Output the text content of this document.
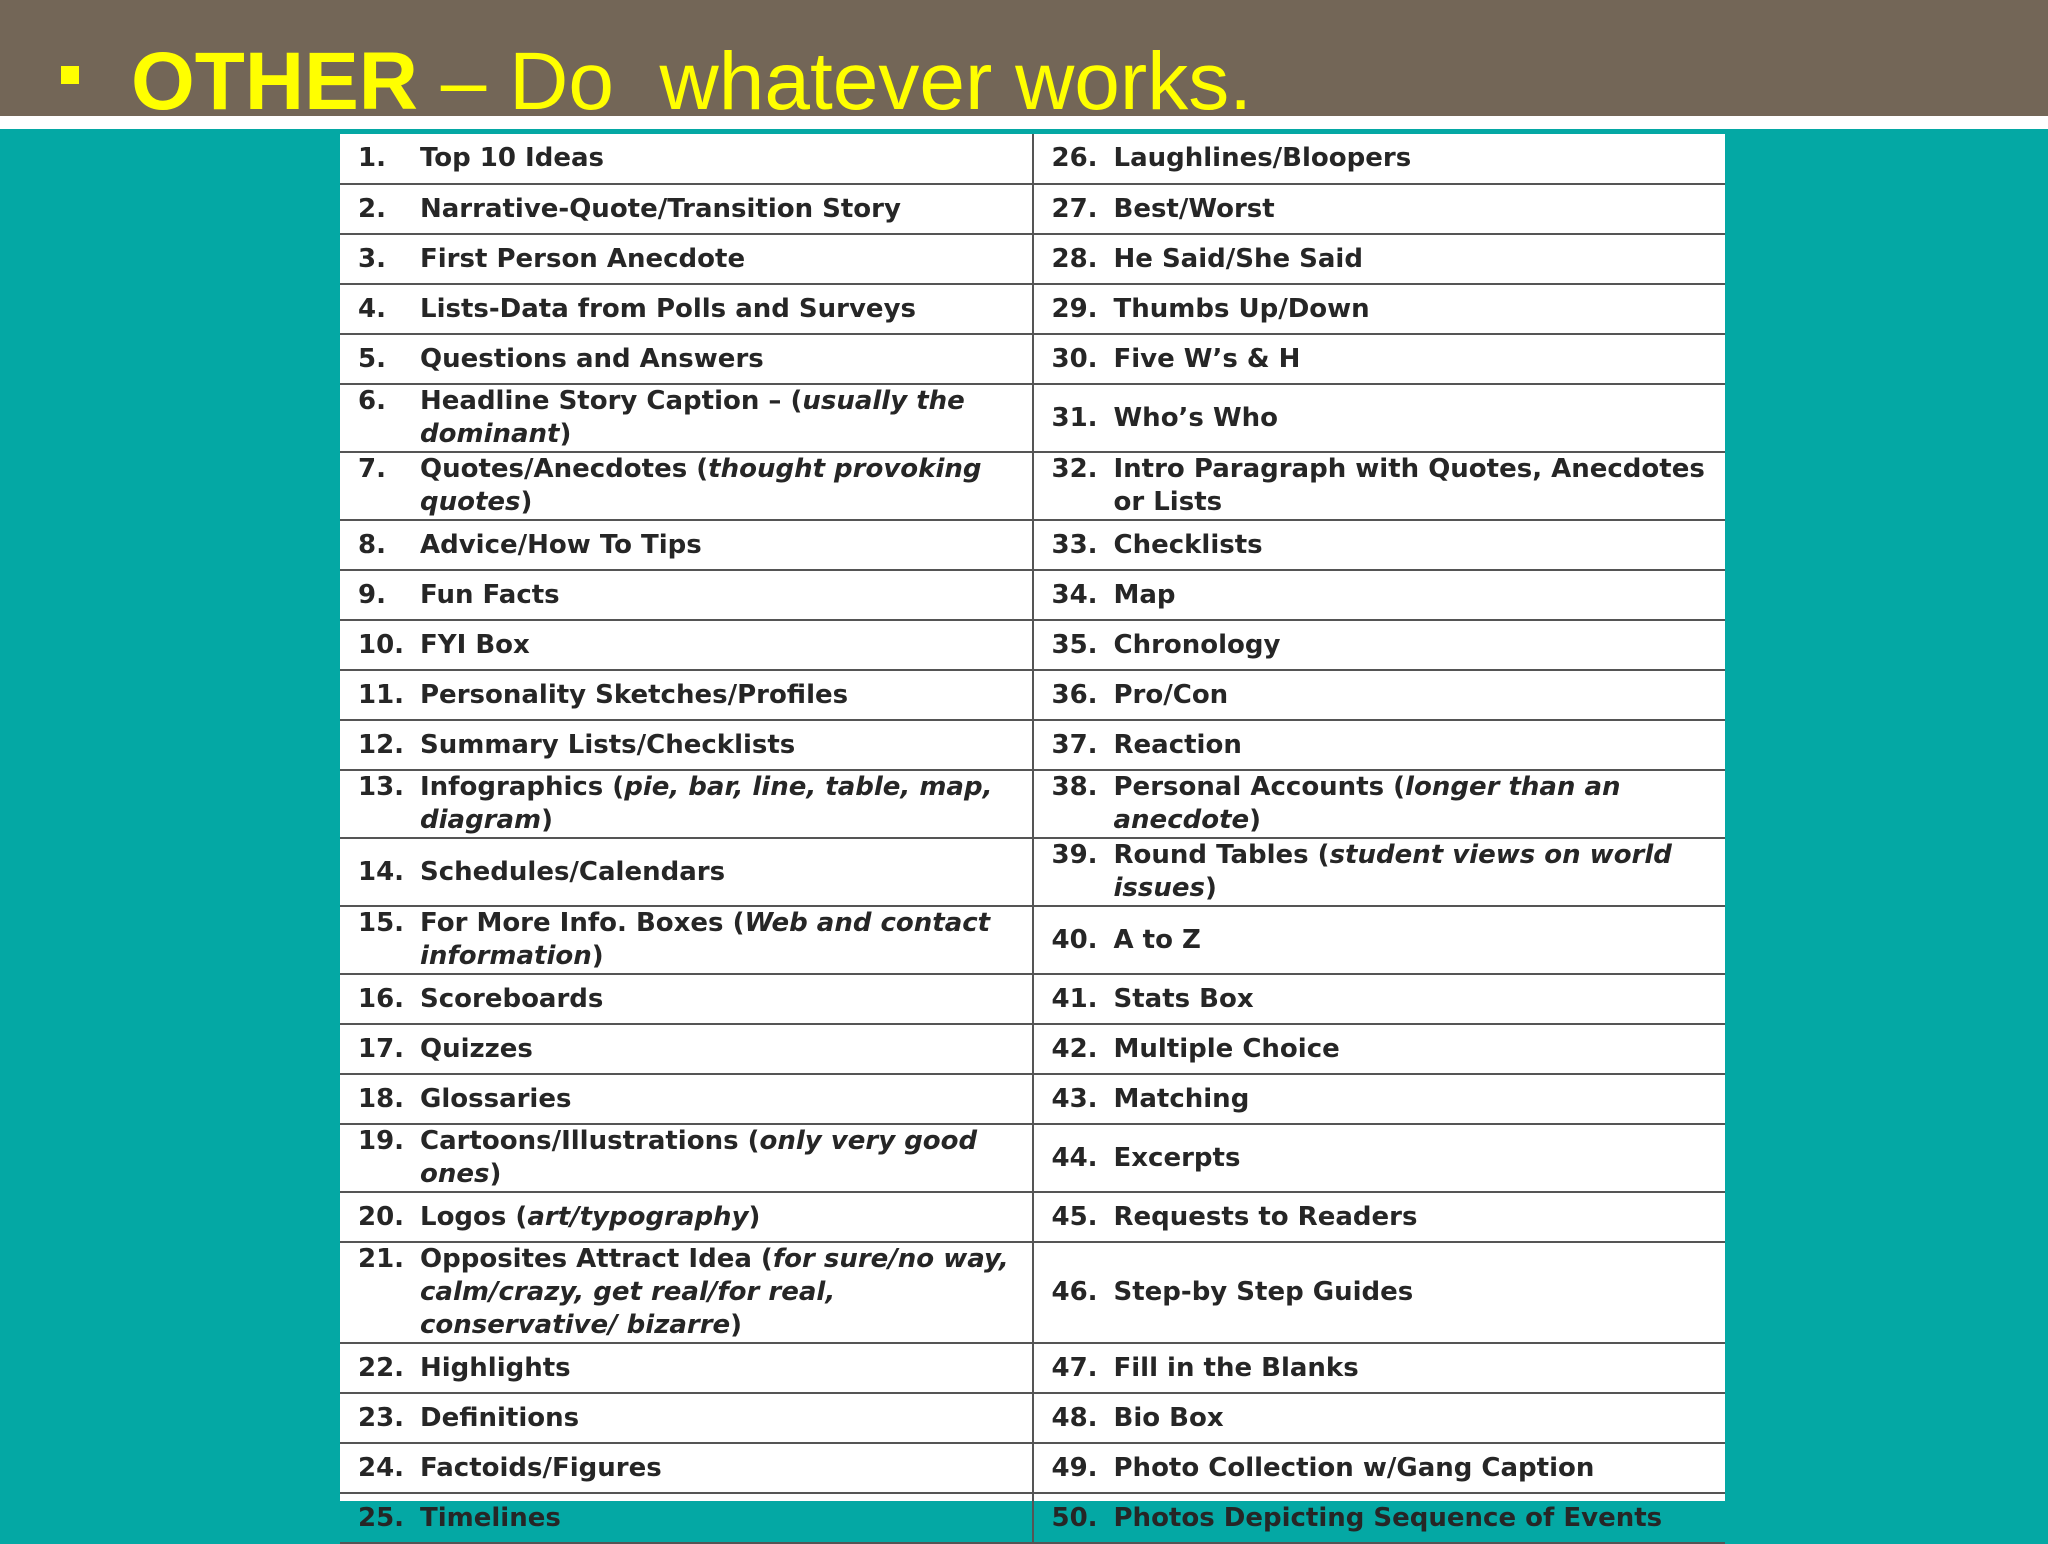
OTHER – Do  whatever works.
1. Top 10 Ideas	26. Laughlines/Bloopers

2. Narrative-Quote/Transition Story	27. Best/Worst

3. First Person Anecdote	28. He Said/She Said

4. Lists-Data from Polls and Surveys	29. Thumbs Up/Down

5. Questions and Answers	30. Five W’s & H

6. Headline Story Caption – (usually the dominant)	31. Who’s Who

7. Quotes/Anecdotes (thought provoking quotes)	32. Intro Paragraph with Quotes, Anecdotes or Lists

8. Advice/How To Tips	33. Checklists

9. Fun Facts	34. Map

10. FYI Box	35. Chronology

11. Personality Sketches/Profiles	36. Pro/Con

12. Summary Lists/Checklists	37. Reaction

13. Infographics (pie, bar, line, table, map, diagram)	38. Personal Accounts (longer than an anecdote)

14. Schedules/Calendars	39. Round Tables (student views on world issues)

15. For More Info. Boxes (Web and contact information)	40. A to Z

16. Scoreboards	41. Stats Box

17. Quizzes	42. Multiple Choice

18. Glossaries	43. Matching

19. Cartoons/Illustrations (only very good ones)	44. Excerpts

20. Logos (art/typography)	45. Requests to Readers

21. Opposites Attract Idea (for sure/no way, calm/crazy, get real/for real, conservative/ bizarre)	46. Step-by Step Guides

22. Highlights	47. Fill in the Blanks

23. Definitions	48. Bio Box

24. Factoids/Figures	49. Photo Collection w/Gang Caption

25. Timelines	50. Photos Depicting Sequence of Events
